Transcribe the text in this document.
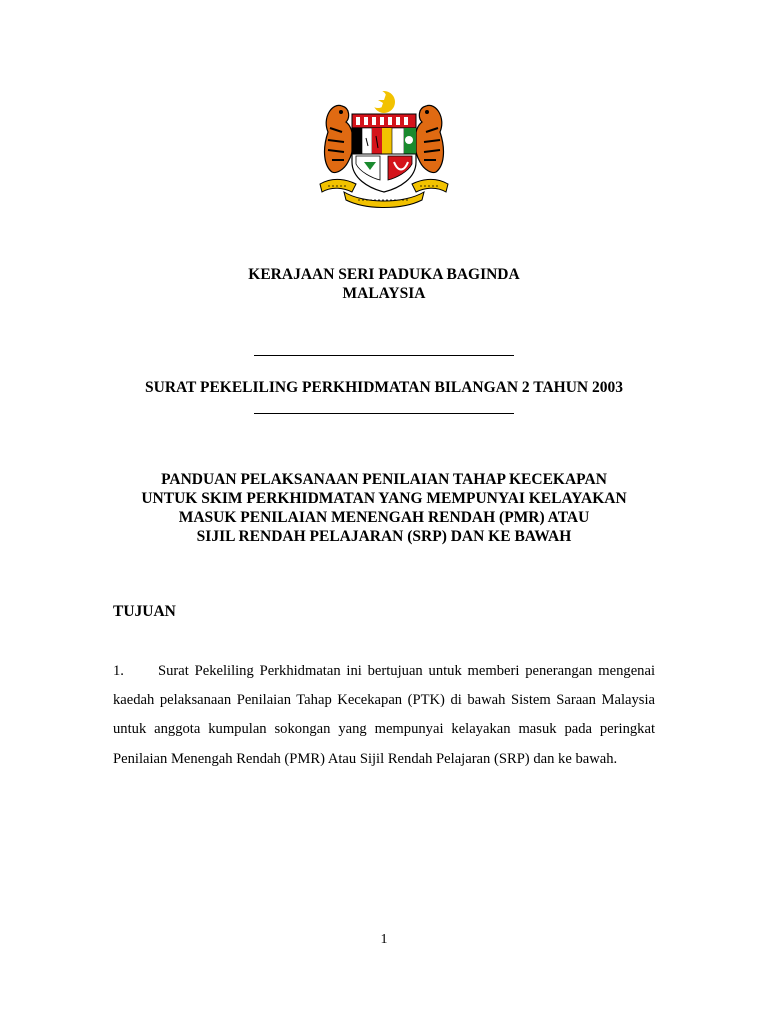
KERAJAAN SERI PADUKA BAGINDA
MALAYSIA
SURAT PEKELILING PERKHIDMATAN BILANGAN 2 TAHUN 2003
PANDUAN PELAKSANAAN PENILAIAN TAHAP KECEKAPAN
UNTUK SKIM PERKHIDMATAN YANG MEMPUNYAI KELAYAKAN
MASUK PENILAIAN MENENGAH RENDAH (PMR) ATAU
SIJIL RENDAH PELAJARAN (SRP) DAN KE BAWAH
TUJUAN
1. Surat Pekeliling Perkhidmatan ini bertujuan untuk memberi penerangan mengenai kaedah pelaksanaan Penilaian Tahap Kecekapan (PTK) di bawah Sistem Saraan Malaysia untuk anggota kumpulan sokongan yang mempunyai kelayakan masuk pada peringkat Penilaian Menengah Rendah (PMR) Atau Sijil Rendah Pelajaran (SRP) dan ke bawah.
1
